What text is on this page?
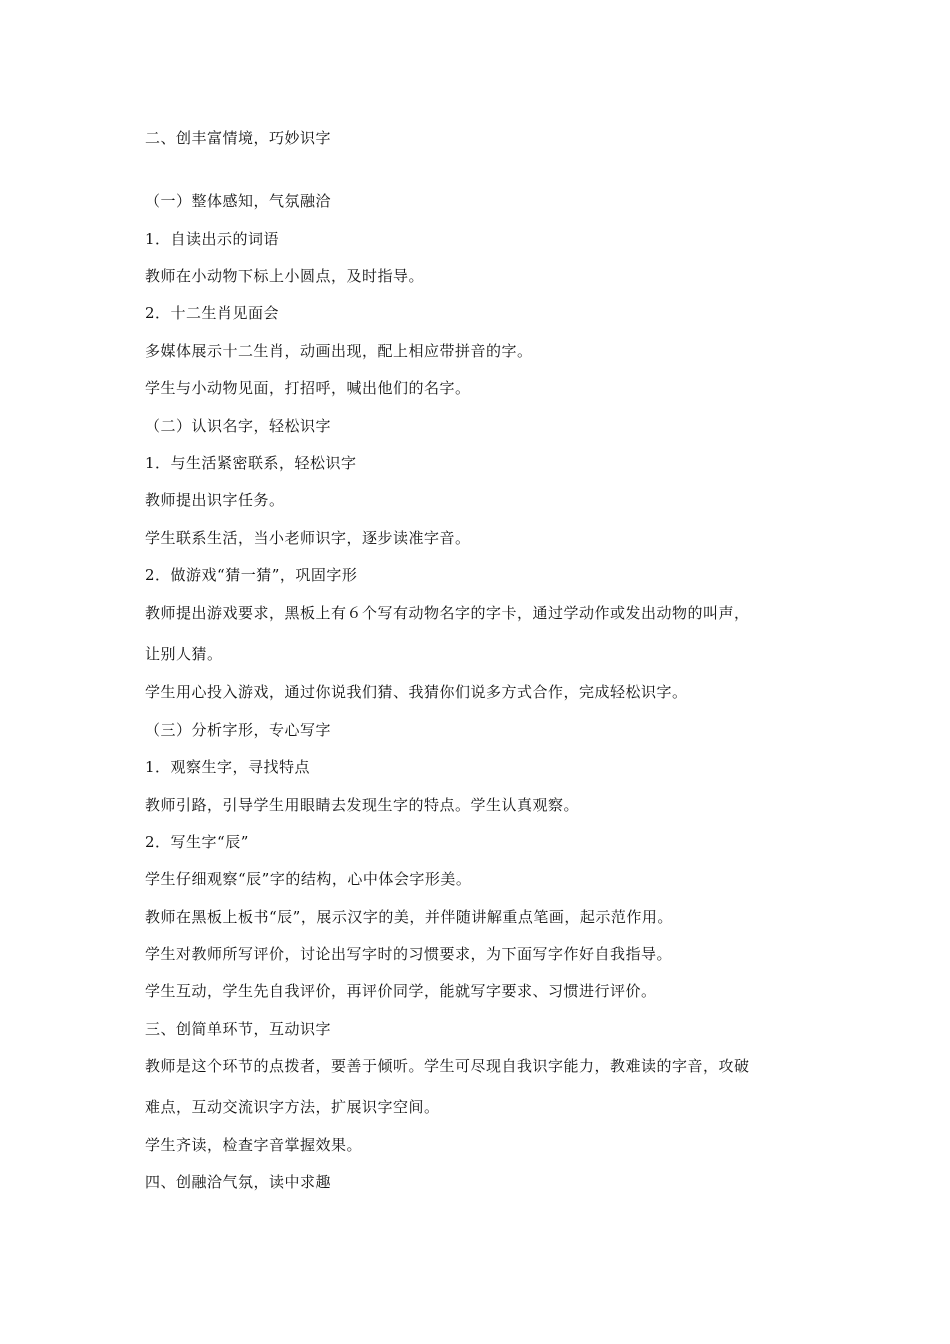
二、创丰富情境，巧妙识字
（一）整体感知，气氛融洽
1．自读出示的词语
教师在小动物下标上小圆点，及时指导。
2．十二生肖见面会
多媒体展示十二生肖，动画出现，配上相应带拼音的字。
学生与小动物见面，打招呼，喊出他们的名字。
（二）认识名字，轻松识字
1．与生活紧密联系，轻松识字
教师提出识字任务。
学生联系生活，当小老师识字，逐步读准字音。
2．做游戏“猜一猜”，巩固字形
教师提出游戏要求，黑板上有６个写有动物名字的字卡，通过学动作或发出动物的叫声，
让别人猜。
学生用心投入游戏，通过你说我们猜、我猜你们说多方式合作，完成轻松识字。
（三）分析字形，专心写字
1．观察生字，寻找特点
教师引路，引导学生用眼睛去发现生字的特点。学生认真观察。
2．写生字“辰”
学生仔细观察“辰”字的结构，心中体会字形美。
教师在黑板上板书“辰”，展示汉字的美，并伴随讲解重点笔画，起示范作用。
学生对教师所写评价，讨论出写字时的习惯要求，为下面写字作好自我指导。
学生互动，学生先自我评价，再评价同学，能就写字要求、习惯进行评价。
三、创简单环节，互动识字
教师是这个环节的点拨者，要善于倾听。学生可尽现自我识字能力，教难读的字音，攻破
难点，互动交流识字方法，扩展识字空间。
学生齐读，检查字音掌握效果。
四、创融洽气氛，读中求趣
